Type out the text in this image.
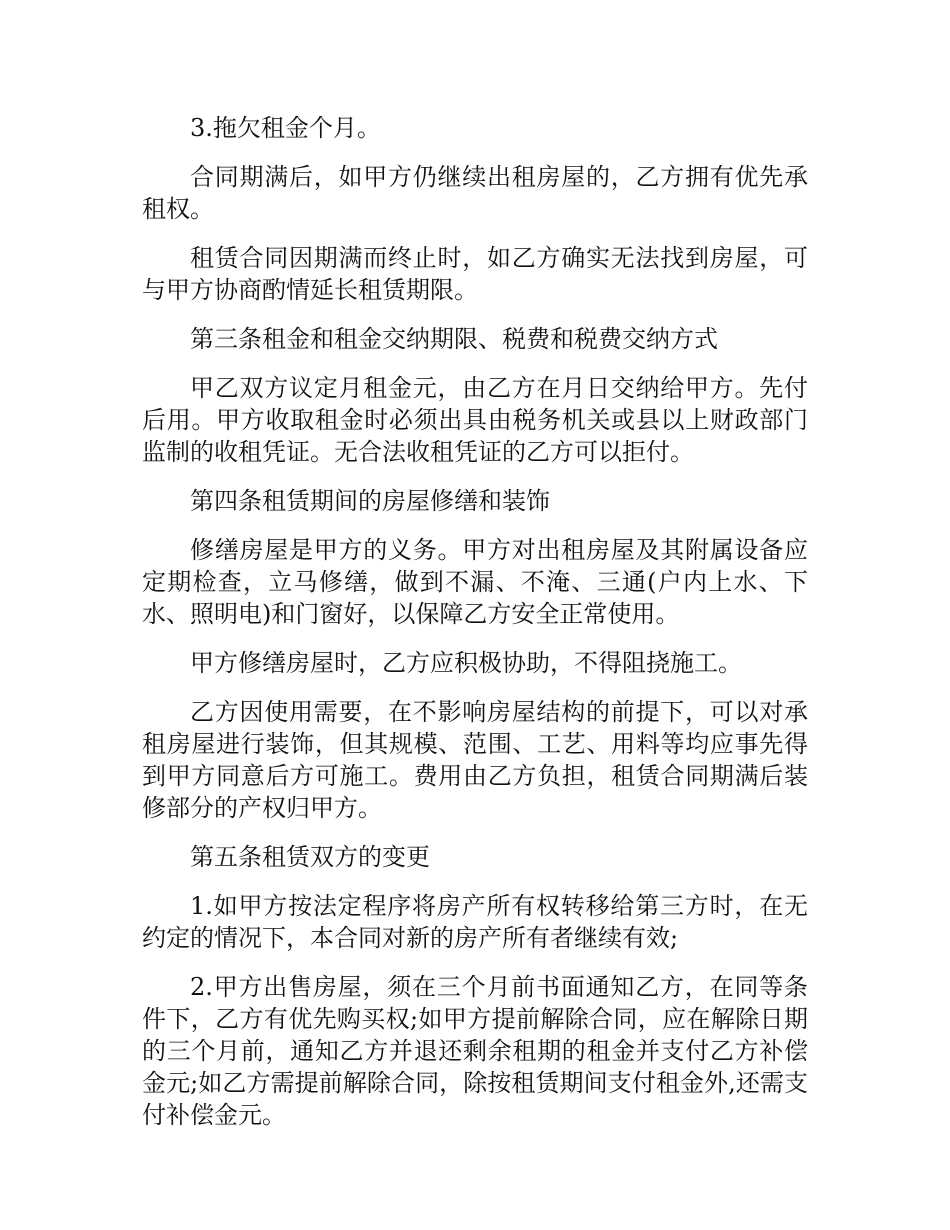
3.拖欠租金个月。

合同期满后，如甲方仍继续出租房屋的，乙方拥有优先承租权。

租赁合同因期满而终止时，如乙方确实无法找到房屋，可与甲方协商酌情延长租赁期限。

第三条租金和租金交纳期限、税费和税费交纳方式

甲乙双方议定月租金元，由乙方在月日交纳给甲方。先付后用。甲方收取租金时必须出具由税务机关或县以上财政部门监制的收租凭证。无合法收租凭证的乙方可以拒付。

第四条租赁期间的房屋修缮和装饰

修缮房屋是甲方的义务。甲方对出租房屋及其附属设备应定期检查，立马修缮，做到不漏、不淹、三通(户内上水、下水、照明电)和门窗好，以保障乙方安全正常使用。

甲方修缮房屋时，乙方应积极协助，不得阻挠施工。

乙方因使用需要，在不影响房屋结构的前提下，可以对承租房屋进行装饰，但其规模、范围、工艺、用料等均应事先得到甲方同意后方可施工。费用由乙方负担，租赁合同期满后装修部分的产权归甲方。

第五条租赁双方的变更

1.如甲方按法定程序将房产所有权转移给第三方时，在无约定的情况下，本合同对新的房产所有者继续有效;

2.甲方出售房屋，须在三个月前书面通知乙方，在同等条件下，乙方有优先购买权;如甲方提前解除合同，应在解除日期的三个月前，通知乙方并退还剩余租期的租金并支付乙方补偿金元;如乙方需提前解除合同，除按租赁期间支付租金外,还需支付补偿金元。
